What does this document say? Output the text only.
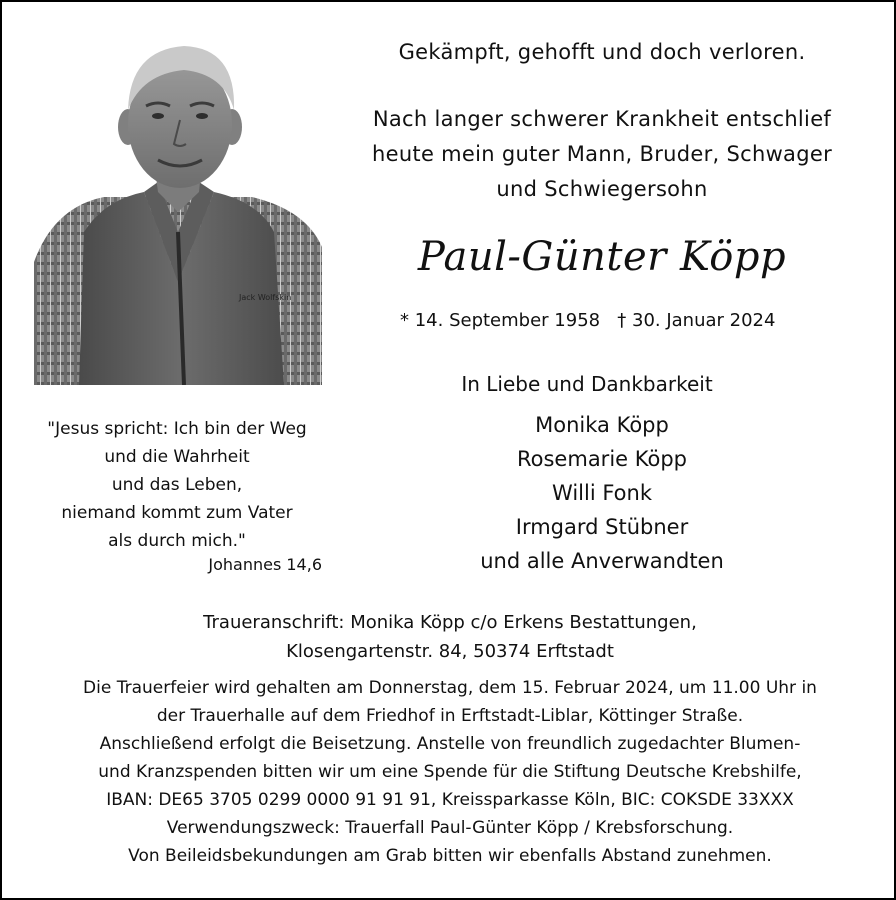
Jack Wolfskin
Gekämpft, gehofft und doch verloren.
Nach langer schwerer Krankheit entschlief
heute mein guter Mann, Bruder, Schwager
und Schwiegersohn
Paul-Günter Köpp
* 14. September 1958 † 30. Januar 2024
In Liebe und Dankbarkeit
Monika Köpp
Rosemarie Köpp
Willi Fonk
Irmgard Stübner
und alle Anverwandten
"Jesus spricht: Ich bin der Weg
und die Wahrheit
und das Leben,
niemand kommt zum Vater
als durch mich."
Johannes 14,6
Traueranschrift: Monika Köpp c/o Erkens Bestattungen,
Klosengartenstr. 84, 50374 Erftstadt
Die Trauerfeier wird gehalten am Donnerstag, dem 15. Februar 2024, um 11.00 Uhr in
der Trauerhalle auf dem Friedhof in Erftstadt-Liblar, Köttinger Straße.
Anschließend erfolgt die Beisetzung. Anstelle von freundlich zugedachter Blumen-
und Kranzspenden bitten wir um eine Spende für die Stiftung Deutsche Krebshilfe,
IBAN: DE65 3705 0299 0000 91 91 91, Kreissparkasse Köln, BIC: COKSDE 33XXX
Verwendungszweck: Trauerfall Paul-Günter Köpp / Krebsforschung.
Von Beileidsbekundungen am Grab bitten wir ebenfalls Abstand zunehmen.
